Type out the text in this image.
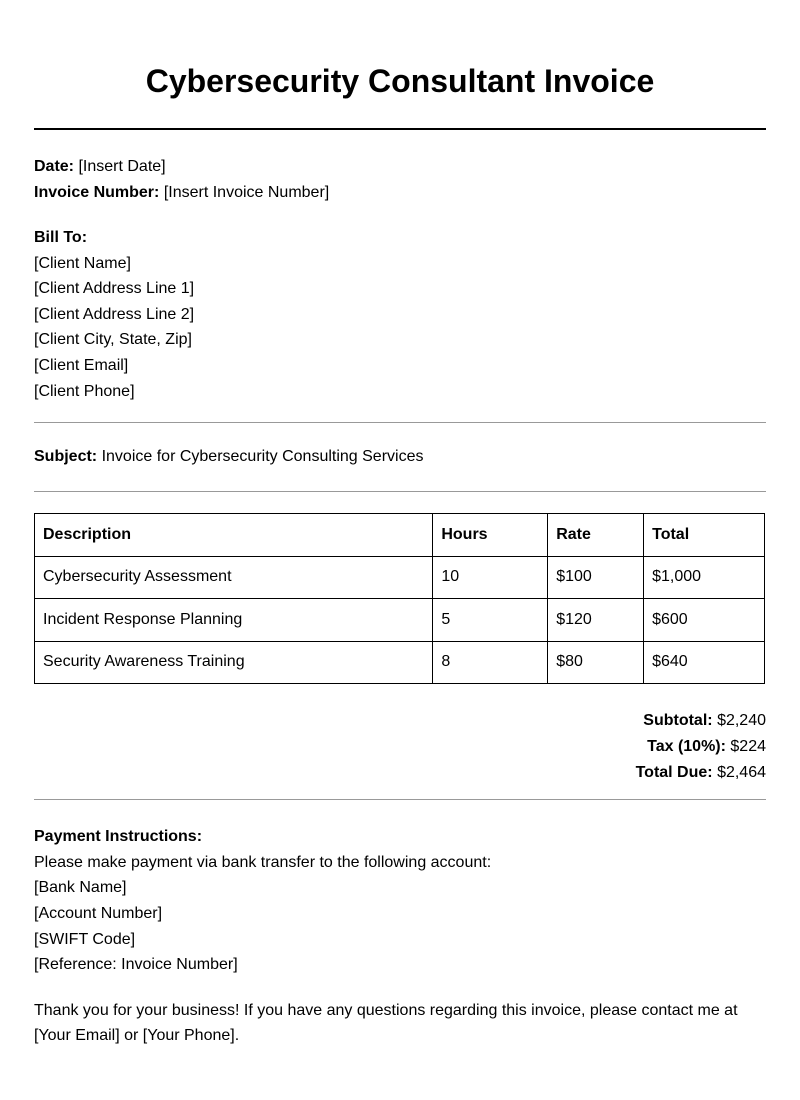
Cybersecurity Consultant Invoice
Date: [Insert Date]
Invoice Number: [Insert Invoice Number]
Bill To:
[Client Name]
[Client Address Line 1]
[Client Address Line 2]
[Client City, State, Zip]
[Client Email]
[Client Phone]
Subject: Invoice for Cybersecurity Consulting Services
Description	Hours	Rate	Total
Cybersecurity Assessment	10	$100	$1,000
Incident Response Planning	5	$120	$600
Security Awareness Training	8	$80	$640
Subtotal: $2,240
Tax (10%): $224
Total Due: $2,464
Payment Instructions:
Please make payment via bank transfer to the following account:
[Bank Name]
[Account Number]
[SWIFT Code]
[Reference: Invoice Number]

Thank you for your business! If you have any questions regarding this invoice, please contact me at [Your Email] or [Your Phone].
